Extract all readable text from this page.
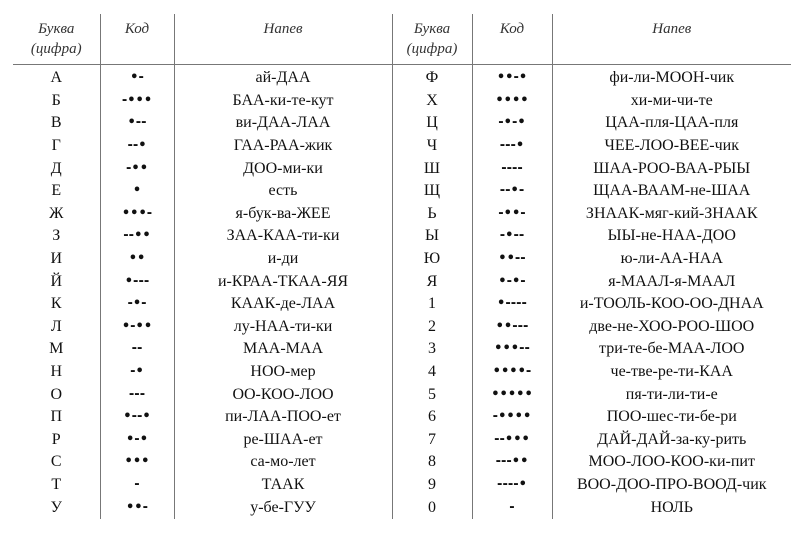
Буква
(цифра)	Код	Напев	Буква
(цифра)	Код	Напев
А	•-	ай-ДАА	Ф	••-•	фи-ли-МООН-чик
Б	-•••	БАА-ки-те-кут	Х	••••	хи-ми-чи-те
В	•--	ви-ДАА-ЛАА	Ц	-•-•	ЦАА-пля-ЦАА-пля
Г	--•	ГАА-РАА-жик	Ч	---•	ЧЕЕ-ЛОО-ВЕЕ-чик
Д	-••	ДОО-ми-ки	Ш	----	ШАА-РОО-ВАА-РЫЫ
Е	•	есть	Щ	--•-	ЩАА-ВААМ-не-ШАА
Ж	•••-	я-бук-ва-ЖЕЕ	Ь	-••-	ЗНААК-мяг-кий-ЗНААК
З	--••	ЗАА-КАА-ти-ки	Ы	-•--	ЫЫ-не-НАА-ДОО
И	••	и-ди	Ю	••--	ю-ли-АА-НАА
Й	•---	и-КРАА-ТКАА-ЯЯ	Я	•-•-	я-МААЛ-я-МААЛ
К	-•-	КААК-де-ЛАА	1	•----	и-ТООЛЬ-КОО-ОО-ДНАА
Л	•-••	лу-НАА-ти-ки	2	••---	две-не-ХОО-РОО-ШОО
М	--	МАА-МАА	3	•••--	три-те-бе-МАА-ЛОО
Н	-•	НОО-мер	4	••••-	че-тве-ре-ти-КАА
О	---	ОО-КОО-ЛОО	5	•••••	пя-ти-ли-ти-е
П	•--•	пи-ЛАА-ПОО-ет	6	-••••	ПОО-шес-ти-бе-ри
Р	•-•	ре-ШАА-ет	7	--•••	ДАЙ-ДАЙ-за-ку-рить
С	•••	са-мо-лет	8	---••	МОО-ЛОО-КОО-ки-пит
Т	-	ТААК	9	----•	ВОО-ДОО-ПРО-ВООД-чик
У	••-	у-бе-ГУУ	0	-	НОЛЬ
